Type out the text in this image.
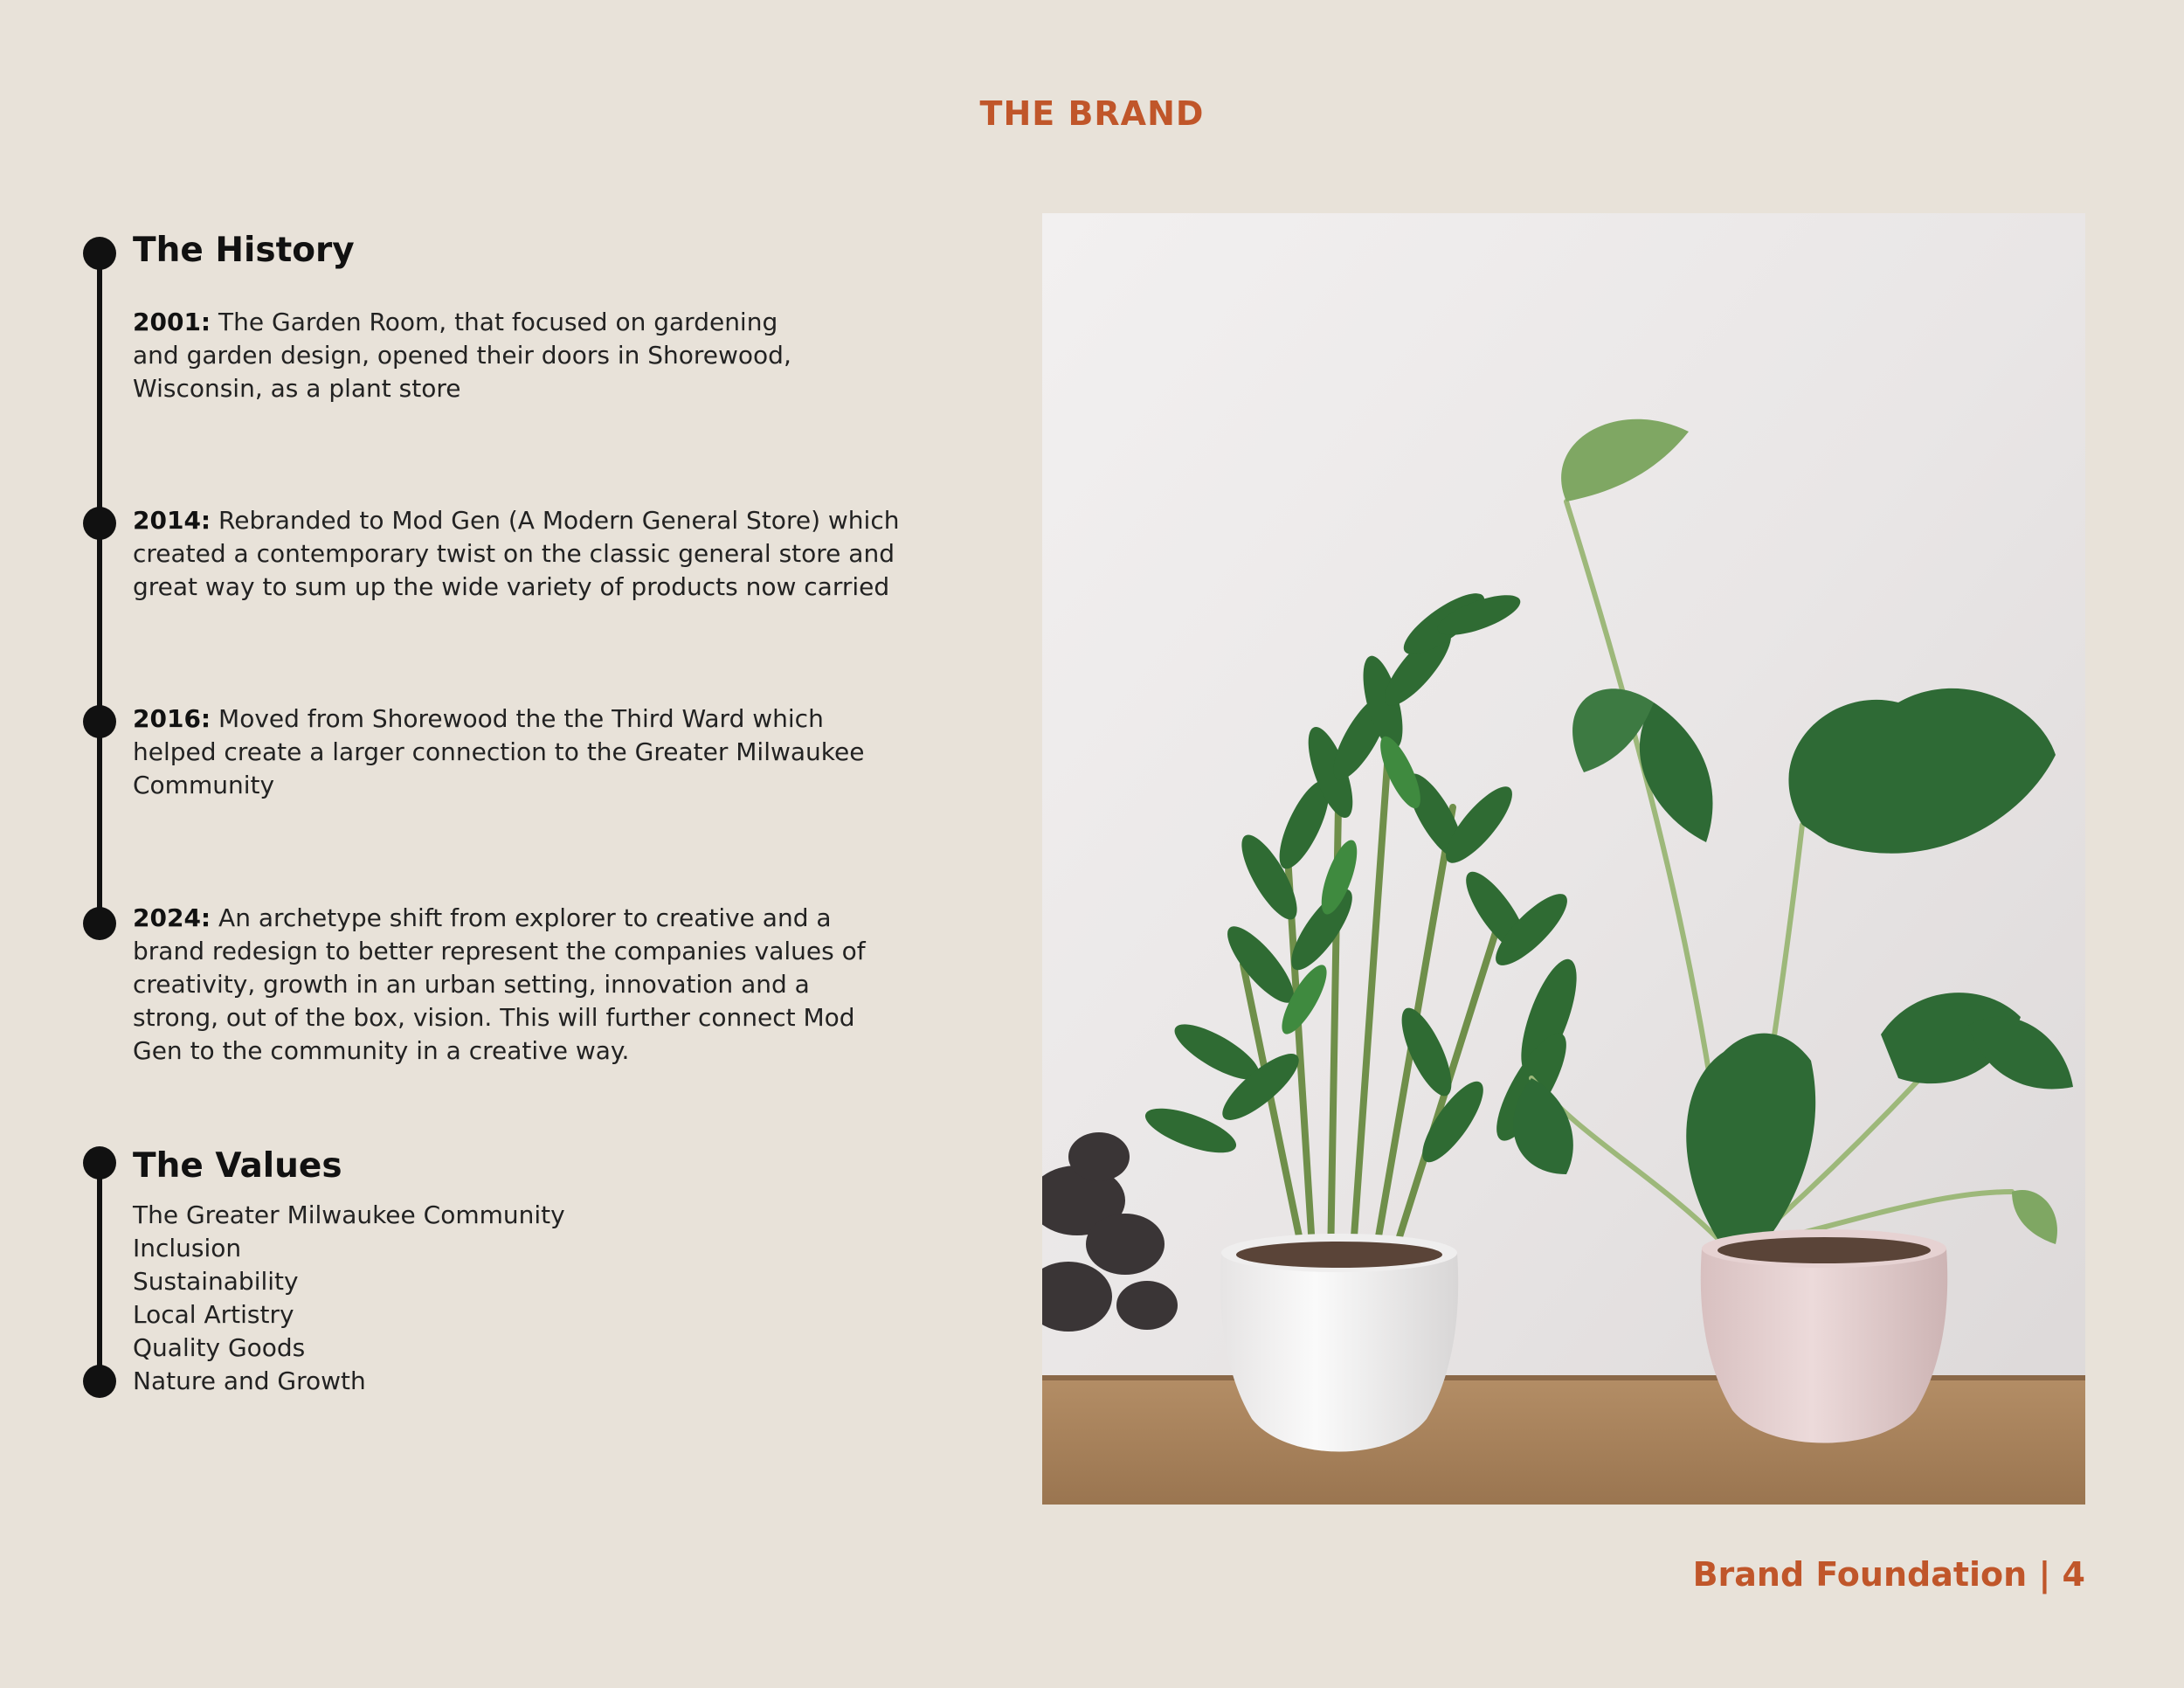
THE BRAND
The History
2001: The Garden Room, that focused on gardening and garden design, opened their doors in Shorewood, Wisconsin, as a plant store
2014: Rebranded to Mod Gen (A Modern General Store) which created a contemporary twist on the classic general store and great way to sum up the wide variety of products now carried
2016: Moved from Shorewood the the Third Ward which helped create a larger connection to the Greater Milwaukee Community
2024: An archetype shift from explorer to creative and a brand redesign to better represent the companies values of creativity, growth in an urban setting, innovation and a strong, out of the box, vision. This will further connect Mod Gen to the community in a creative way.
The Values
The Greater Milwaukee Community
Inclusion
Sustainability
Local Artistry
Quality Goods
Nature and Growth
Brand Foundation | 4
